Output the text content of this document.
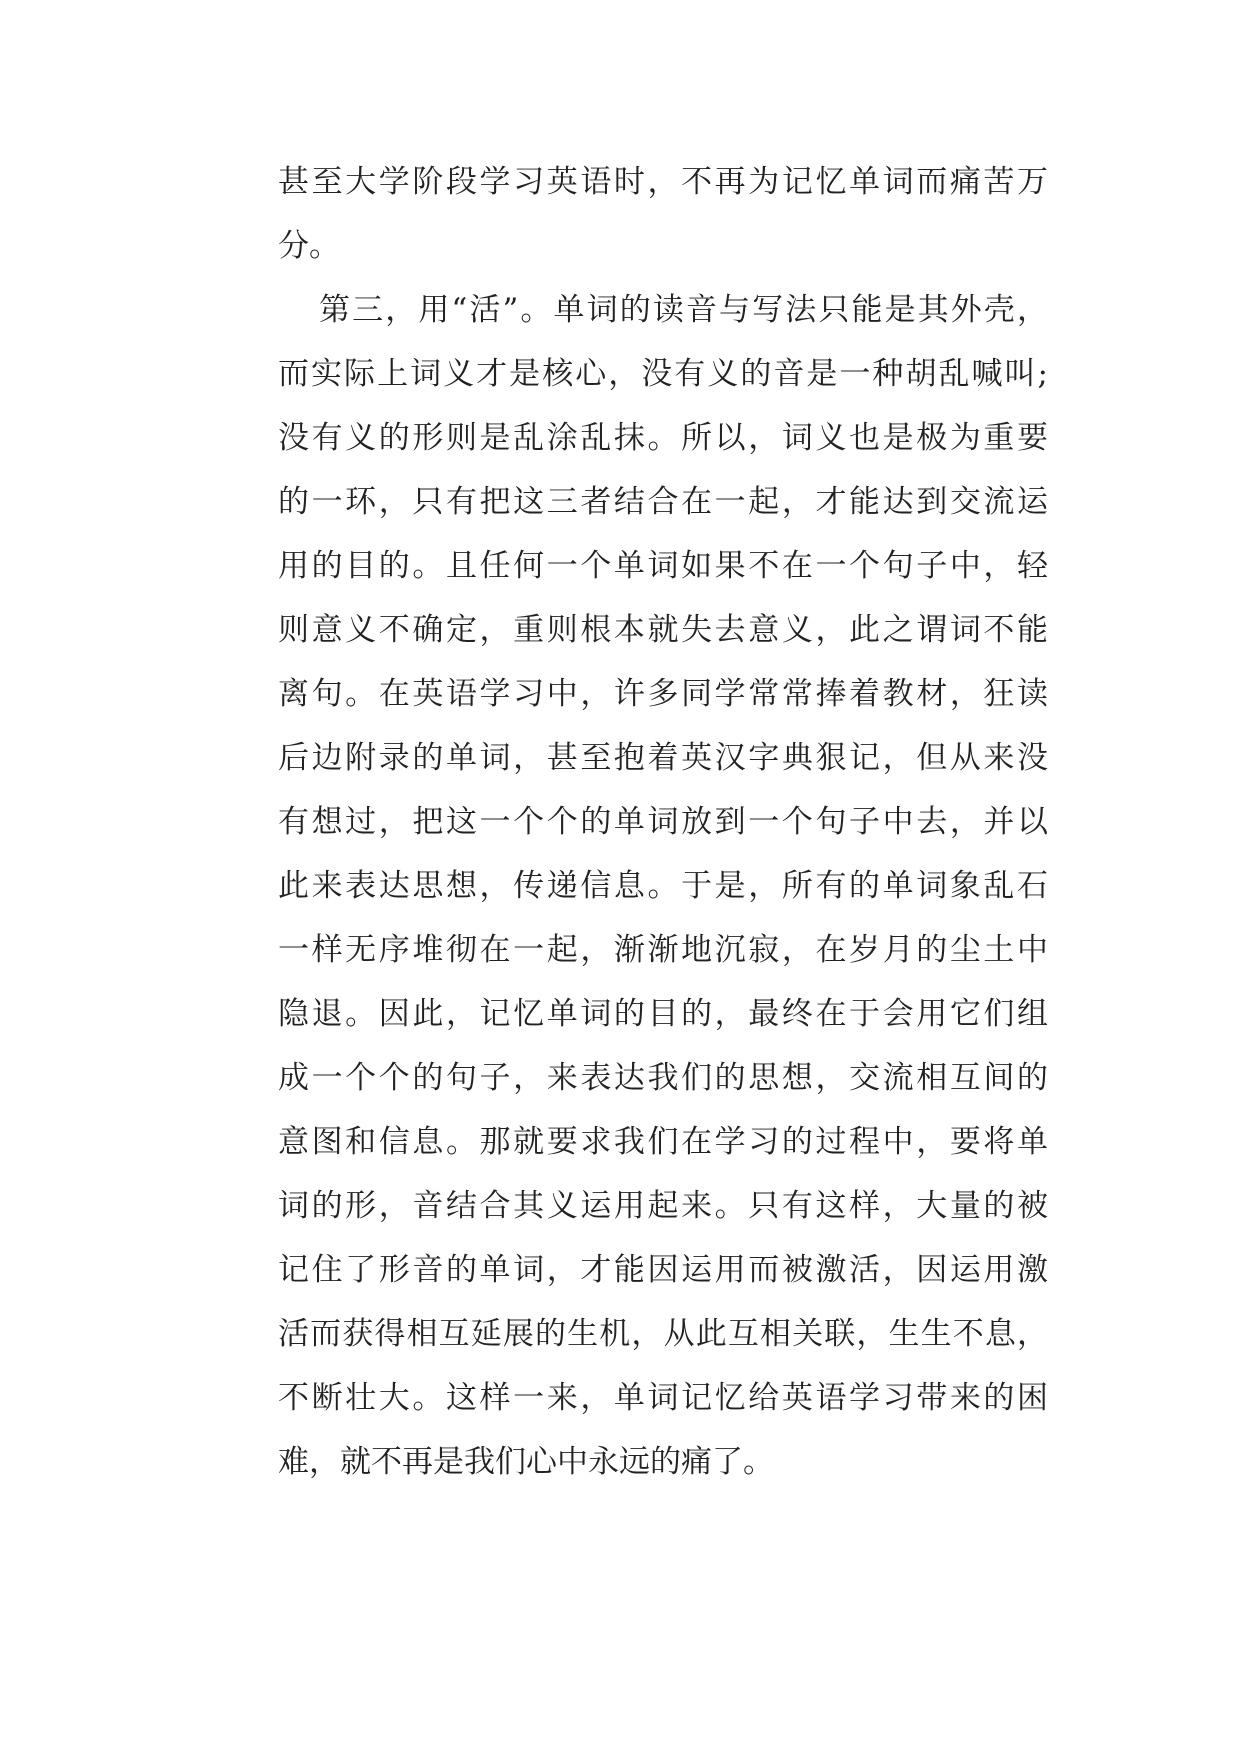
甚至大学阶段学习英语时，不再为记忆单词而痛苦万
分。
第三，用“活”。单词的读音与写法只能是其外壳，
而实际上词义才是核心，没有义的音是一种胡乱喊叫;
没有义的形则是乱涂乱抹。所以，词义也是极为重要
的一环，只有把这三者结合在一起，才能达到交流运
用的目的。且任何一个单词如果不在一个句子中，轻
则意义不确定，重则根本就失去意义，此之谓词不能
离句。在英语学习中，许多同学常常捧着教材，狂读
后边附录的单词，甚至抱着英汉字典狠记，但从来没
有想过，把这一个个的单词放到一个句子中去，并以
此来表达思想，传递信息。于是，所有的单词象乱石
一样无序堆彻在一起，渐渐地沉寂，在岁月的尘土中
隐退。因此，记忆单词的目的，最终在于会用它们组
成一个个的句子，来表达我们的思想，交流相互间的
意图和信息。那就要求我们在学习的过程中，要将单
词的形，音结合其义运用起来。只有这样，大量的被
记住了形音的单词，才能因运用而被激活，因运用激
活而获得相互延展的生机，从此互相关联，生生不息，
不断壮大。这样一来，单词记忆给英语学习带来的困
难，就不再是我们心中永远的痛了。
